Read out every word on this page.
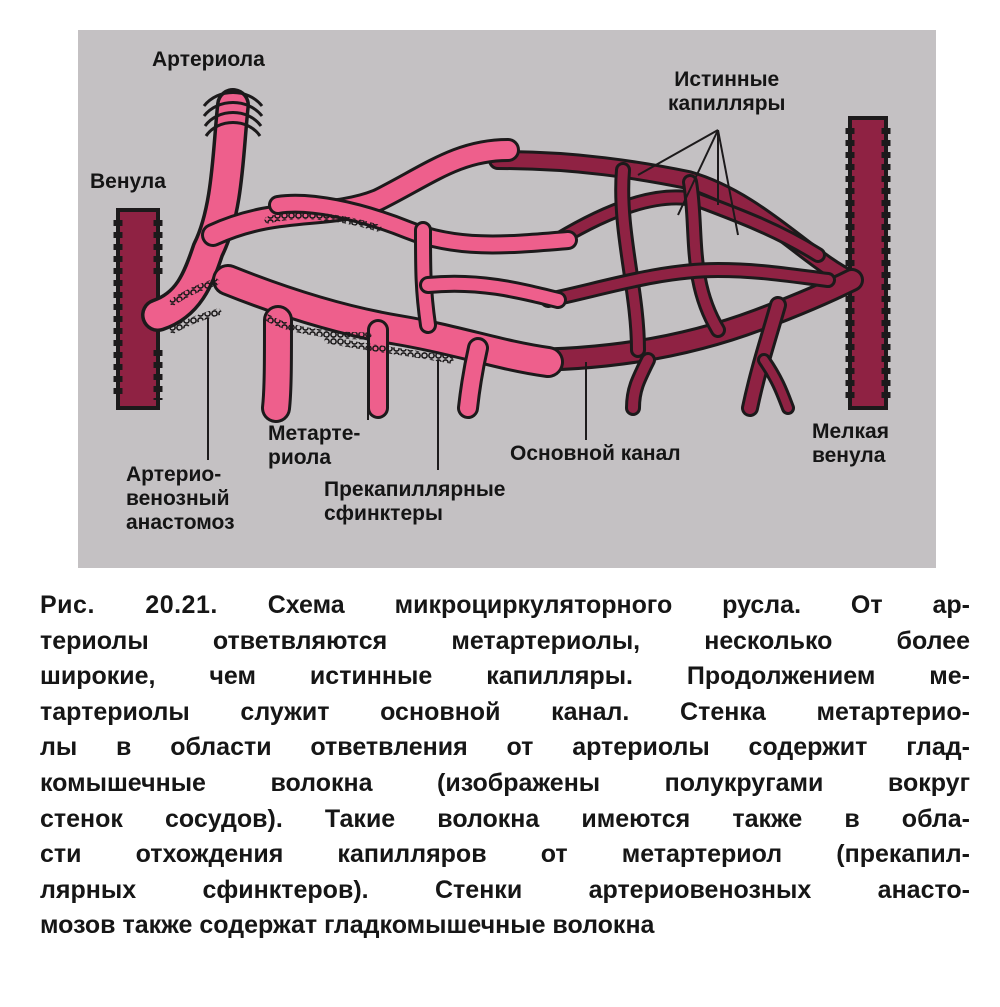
Артериола
Истинные
капилляры
Венула
Метарте-
риола	Основной канал
Мелкая
венула
Артерио-
венозный
анастомоз
Прекапиллярные
сфинктеры
Рис. 20.21. Схема микроциркуляторного русла. От ар-
териолы ответвляются метартериолы, несколько более
широкие, чем истинные капилляры. Продолжением ме-
тартериолы служит основной канал. Стенка метартерио-
лы в области ответвления от артериолы содержит глад-
комышечные волокна (изображены полукругами вокруг
стенок сосудов). Такие волокна имеются также в обла-
сти отхождения капилляров от метартериол (прекапил-
лярных сфинктеров). Стенки артериовенозных анасто-
мозов также содержат гладкомышечные волокна
